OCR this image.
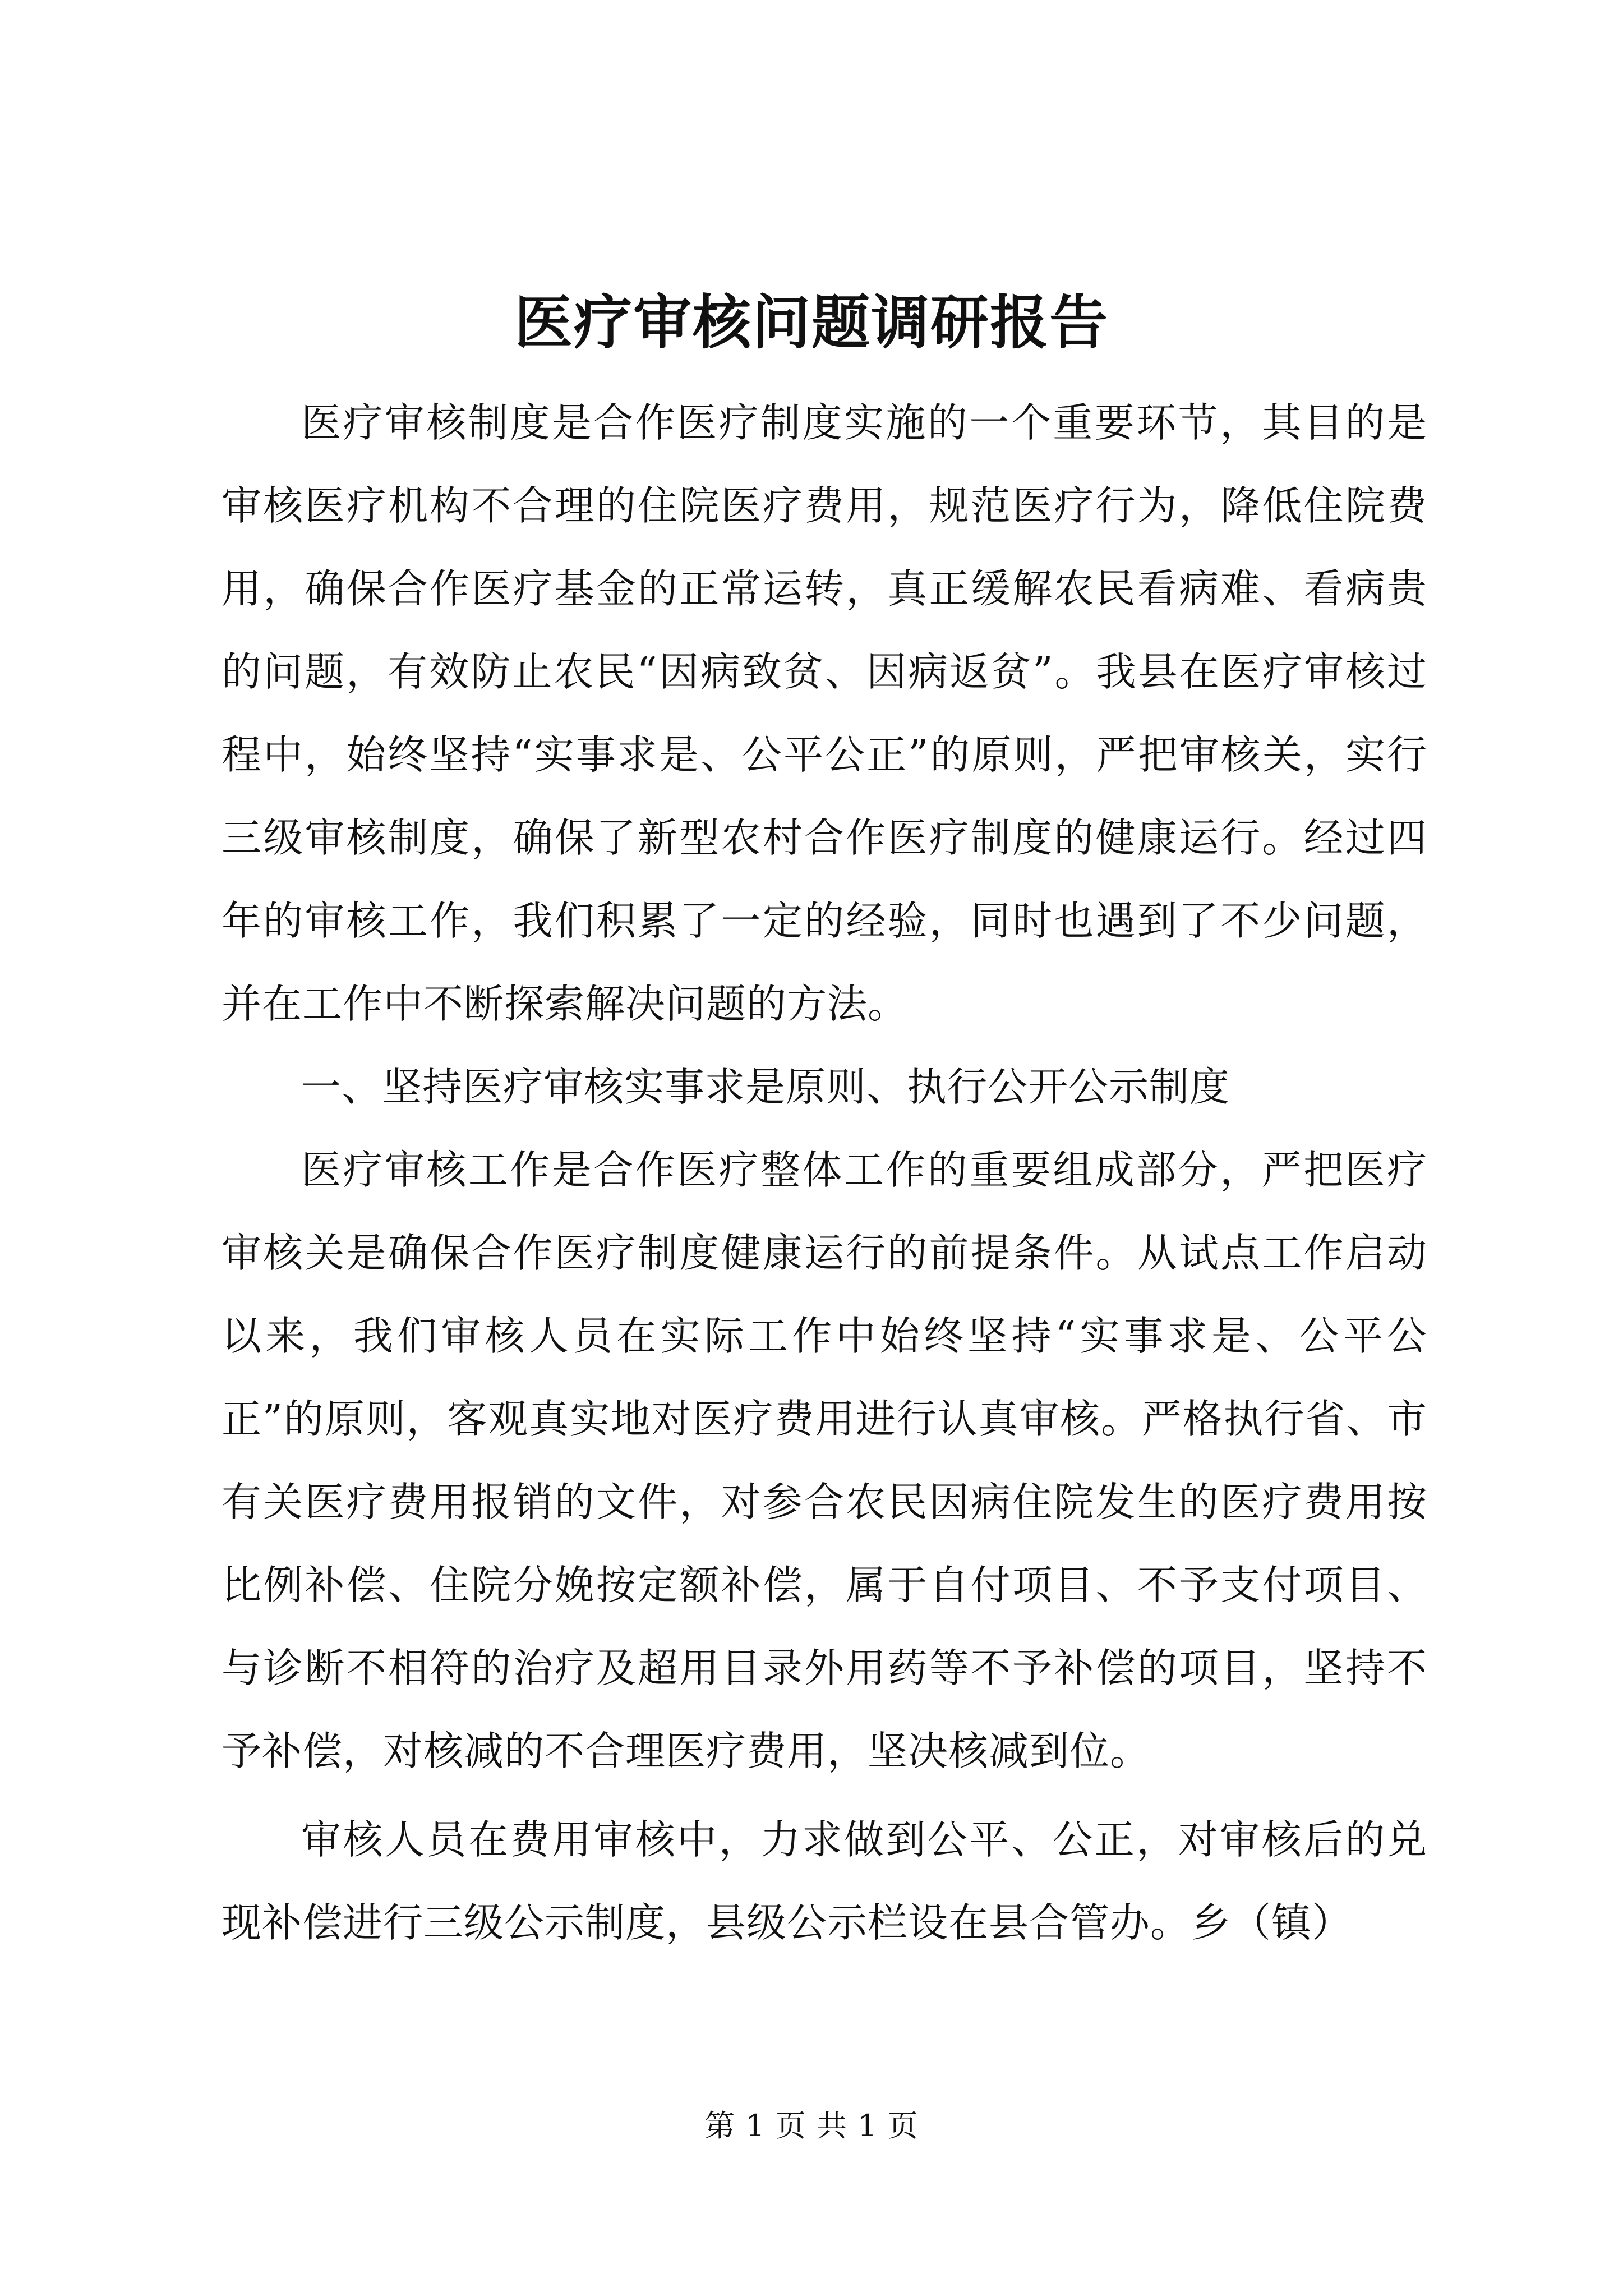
医疗审核问题调研报告

医疗审核制度是合作医疗制度实施的一个重要环节，其目的是审核医疗机构不合理的住院医疗费用，规范医疗行为，降低住院费用，确保合作医疗基金的正常运转，真正缓解农民看病难、看病贵的问题，有效防止农民“因病致贫、因病返贫”。我县在医疗审核过程中，始终坚持“实事求是、公平公正”的原则，严把审核关，实行三级审核制度，确保了新型农村合作医疗制度的健康运行。经过四年的审核工作，我们积累了一定的经验，同时也遇到了不少问题，并在工作中不断探索解决问题的方法。

一、坚持医疗审核实事求是原则、执行公开公示制度

医疗审核工作是合作医疗整体工作的重要组成部分，严把医疗审核关是确保合作医疗制度健康运行的前提条件。从试点工作启动以来，我们审核人员在实际工作中始终坚持“实事求是、公平公正”的原则，客观真实地对医疗费用进行认真审核。严格执行省、市有关医疗费用报销的文件，对参合农民因病住院发生的医疗费用按比例补偿、住院分娩按定额补偿，属于自付项目、不予支付项目、与诊断不相符的治疗及超用目录外用药等不予补偿的项目，坚持不予补偿，对核减的不合理医疗费用，坚决核减到位。

审核人员在费用审核中，力求做到公平、公正，对审核后的兑现补偿进行三级公示制度，县级公示栏设在县合管办。乡（镇）

第 1 页 共 1 页
